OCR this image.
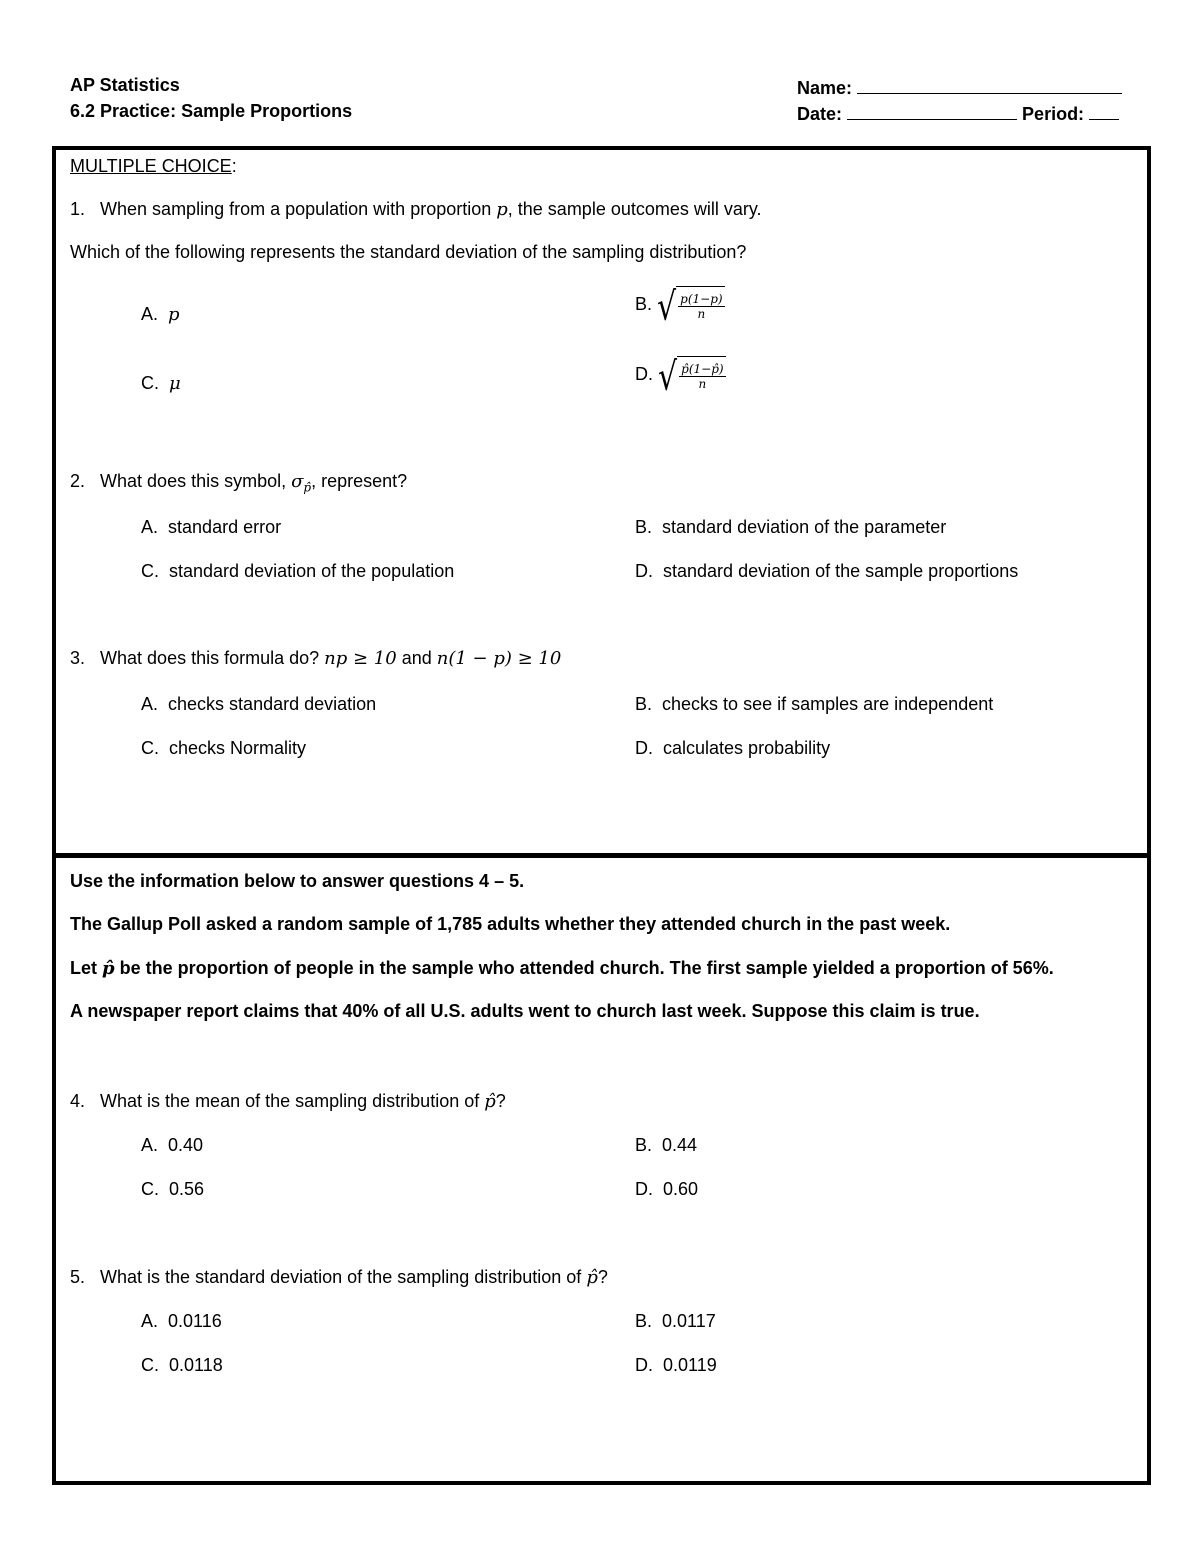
AP Statistics
6.2 Practice: Sample Proportions
Name:
Date:	Period:
MULTIPLE CHOICE:
1. When sampling from a population with proportion p, the sample outcomes will vary.
Which of the following represents the standard deviation of the sampling distribution?
A. p	B. √ $\frac{p(1-p)}{n}$
C. μ	D. √ $\frac{p̂(1-p̂)}{n}$
2. What does this symbol, $\sigma_{p̂}$, represent?
A. standard error	B. standard deviation of the parameter
C. standard deviation of the population	D. standard deviation of the sample proportions
3. What does this formula do? np ≥ 10 and n(1 − p) ≥ 10
A. checks standard deviation	B. checks to see if samples are independent
C. checks Normality	D. calculates probability
Use the information below to answer questions 4 – 5.
The Gallup Poll asked a random sample of 1,785 adults whether they attended church in the past week.
Let p̂ be the proportion of people in the sample who attended church. The first sample yielded a proportion of 56%.
A newspaper report claims that 40% of all U.S. adults went to church last week. Suppose this claim is true.
4. What is the mean of the sampling distribution of p̂?
A. 0.40	B. 0.44
C. 0.56	D. 0.60
5. What is the standard deviation of the sampling distribution of p̂?
A. 0.0116	B. 0.0117
C. 0.0118	D. 0.0119
